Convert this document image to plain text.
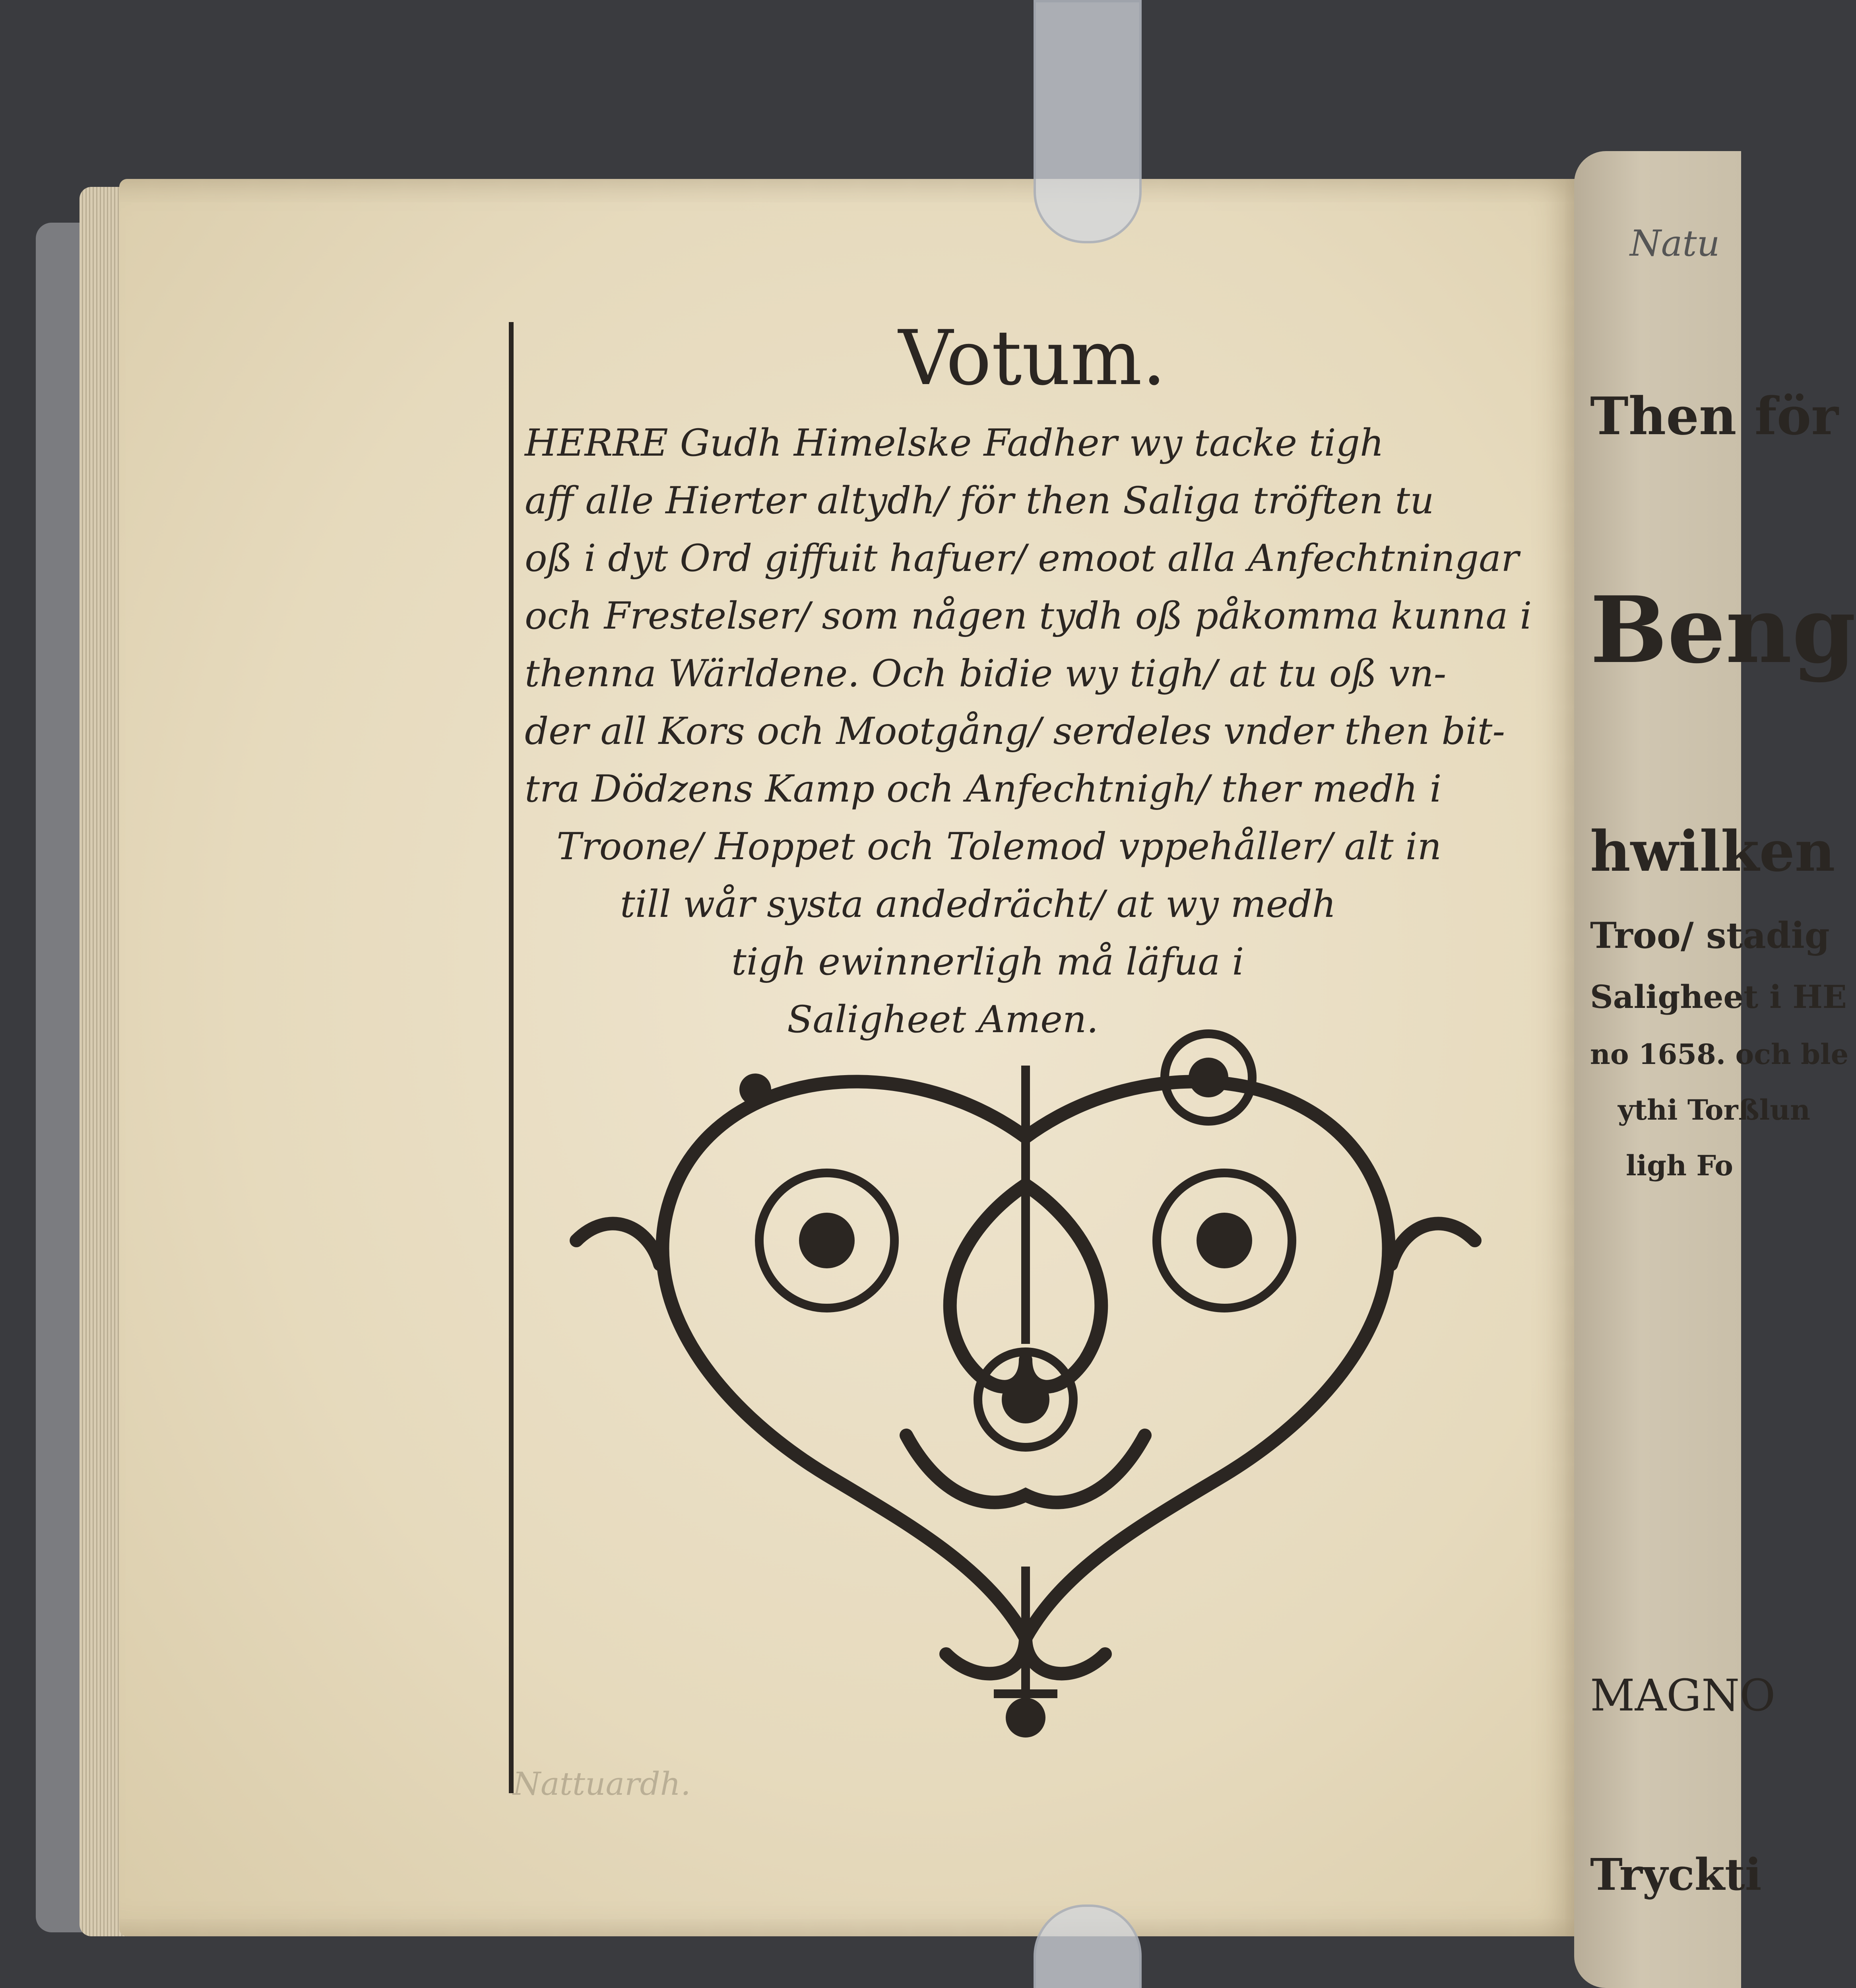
Votum.
HERRE Gudh Himelske Fadher wy tacke tigh
aff alle Hierter altydh/ för then Saliga tröften tu
oß i dyt Ord giffuit hafuer/ emoot alla Anfechtningar
och Frestelser/ som någen tydh oß påkomma kunna i
thenna Wärldene. Och bidie wy tigh/ at tu oß vn-
der all Kors och Mootgång/ serdeles vnder then bit-
tra Dödzens Kamp och Anfechtnigh/ ther medh i
Troone/ Hoppet och Tolemod vppehåller/ alt in
till wår systa andedrächt/ at wy medh
tigh ewinnerligh må läfua i
Saligheet Amen.
Nattuardh.
Then för
Beng
hwilken
Troo/ stadig
Saligheet i HE
no 1658. och ble
ythi Torßlun
ligh Fo
MAGNO
Tryckti
Natu
